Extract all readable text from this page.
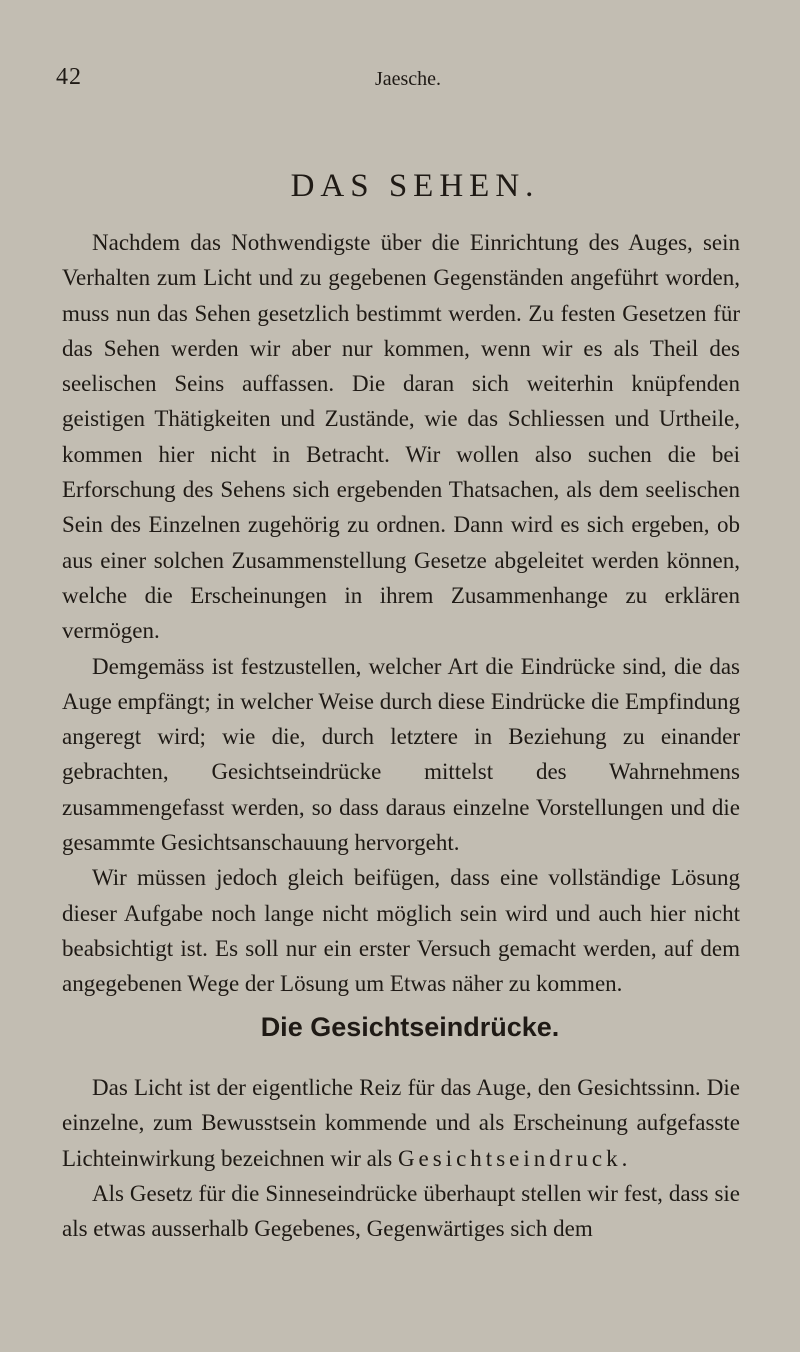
42	Jaesche.
DAS SEHEN.

Nachdem das Nothwendigste über die Einrichtung des Auges, sein Verhalten zum Licht und zu gegebenen Gegenständen angeführt worden, muss nun das Sehen gesetzlich bestimmt werden. Zu festen Gesetzen für das Sehen werden wir aber nur kommen, wenn wir es als Theil des seelischen Seins auffassen. Die daran sich weiterhin knüpfenden geistigen Thätigkeiten und Zustände, wie das Schliessen und Urtheile, kommen hier nicht in Betracht. Wir wollen also suchen die bei Erforschung des Sehens sich ergebenden Thatsachen, als dem seelischen Sein des Einzelnen zugehörig zu ordnen. Dann wird es sich ergeben, ob aus einer solchen Zusammenstellung Gesetze abgeleitet werden können, welche die Erscheinungen in ihrem Zusammenhange zu erklären vermögen.

Demgemäss ist festzustellen, welcher Art die Eindrücke sind, die das Auge empfängt; in welcher Weise durch diese Eindrücke die Empfindung angeregt wird; wie die, durch letztere in Beziehung zu einander gebrachten, Gesichtseindrücke mittelst des Wahrnehmens zusammengefasst werden, so dass daraus einzelne Vorstellungen und die gesammte Gesichtsanschauung hervorgeht.

Wir müssen jedoch gleich beifügen, dass eine vollständige Lösung dieser Aufgabe noch lange nicht möglich sein wird und auch hier nicht beabsichtigt ist. Es soll nur ein erster Versuch gemacht werden, auf dem angegebenen Wege der Lösung um Etwas näher zu kommen.

Die Gesichtseindrücke.

Das Licht ist der eigentliche Reiz für das Auge, den Gesichtssinn. Die einzelne, zum Bewusstsein kommende und als Erscheinung aufgefasste Lichteinwirkung bezeichnen wir als Gesichtseindruck.

Als Gesetz für die Sinneseindrücke überhaupt stellen wir fest, dass sie als etwas ausserhalb Gegebenes, Gegenwärtiges sich dem
